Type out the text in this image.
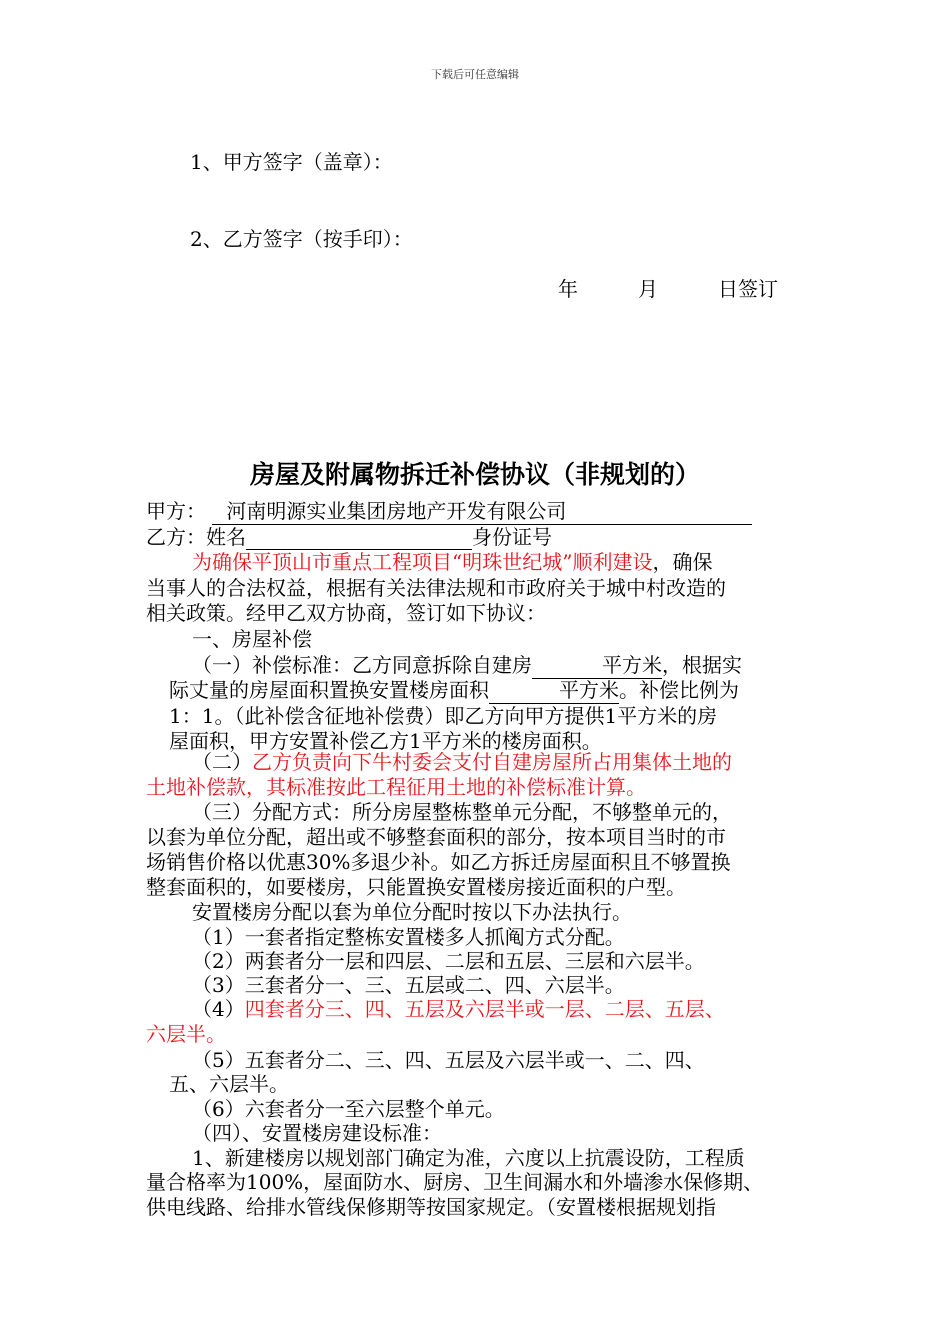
下载后可任意编辑
1、甲方签字（盖章）：
2、乙方签字（按手印）：
年	月	日签订
房屋及附属物拆迁补偿协议（非规划的）
甲方： 河南明源实业集团房地产开发有限公司
乙方：姓名	身份证号
为确保平顶山市重点工程项目“明珠世纪城”顺利建设，确保
当事人的合法权益，根据有关法律法规和市政府关于城中村改造的
相关政策。经甲乙双方协商，签订如下协议：
一、房屋补偿
（一）补偿标准：乙方同意拆除自建房	平方米，根据实
际丈量的房屋面积置换安置楼房面积	平方米。补偿比例为
1：1。（此补偿含征地补偿费）即乙方向甲方提供1平方米的房
屋面积，甲方安置补偿乙方1平方米的楼房面积。
（二）乙方负责向下牛村委会支付自建房屋所占用集体土地的
土地补偿款，其标准按此工程征用土地的补偿标准计算。
（三）分配方式：所分房屋整栋整单元分配，不够整单元的，
以套为单位分配，超出或不够整套面积的部分，按本项目当时的市
场销售价格以优惠30%多退少补。如乙方拆迁房屋面积且不够置换
整套面积的，如要楼房，只能置换安置楼房接近面积的户型。
安置楼房分配以套为单位分配时按以下办法执行。
（1）一套者指定整栋安置楼多人抓阄方式分配。
（2）两套者分一层和四层、二层和五层、三层和六层半。
（3）三套者分一、三、五层或二、四、六层半。
（4）四套者分三、四、五层及六层半或一层、二层、五层、
六层半。
（5）五套者分二、三、四、五层及六层半或一、二、四、
五、六层半。
（6）六套者分一至六层整个单元。
（四）、安置楼房建设标准：
1、新建楼房以规划部门确定为准，六度以上抗震设防，工程质
量合格率为100%，屋面防水、厨房、卫生间漏水和外墙渗水保修期、
供电线路、给排水管线保修期等按国家规定。（安置楼根据规划指
